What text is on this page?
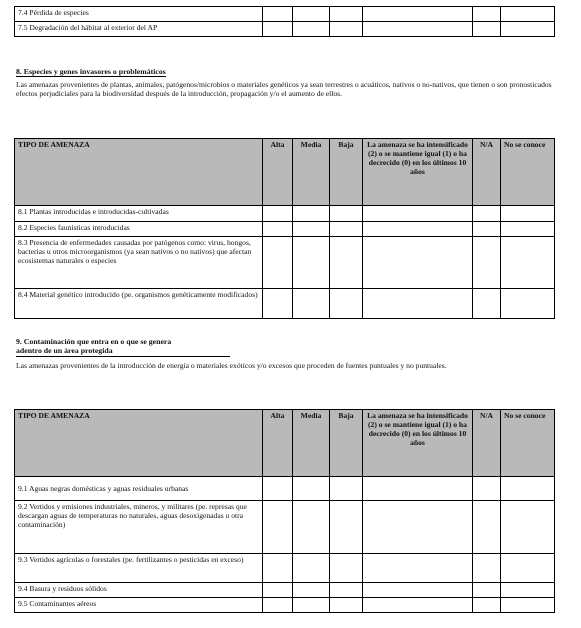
7.4 Pérdida de especies						
7.5 Degradación del hábitat al exterior del AP						
8. Especies y genes invasores o problemáticos
Las amenazas provenientes de plantas, animales, patógenos/microbios o materiales genéticos ya sean terrestres o acuáticos, nativos o no-nativos, que tienen o son pronosticados efectos perjudiciales para la biodiversidad después de la introducción, propagación y/o el aumento de ellos.
TIPO DE AMENAZA	Alta	Media	Baja	La amenaza se ha intensificado (2) o se mantiene igual (1) o ha decrecido (0) en los últimos 10 años	N/A	No se conoce
8.1 Plantas introducidas e introducidas-cultivadas						
8.2 Especies faunísticas introducidas						
8.3 Presencia de enfermedades causadas por patógenos como: virus, hongos, bacterias u otros microorganismos (ya sean nativos o no nativos) que afectan ecosistemas naturales o especies						
8.4 Material genético introducido (pe. organismos genéticamente modificados)						
9. Contaminación que entra en o que se genera
adentro de un área protegida
Las amenazas provenientes de la introducción de energía o materiales exóticos y/o excesos que proceden de fuentes puntuales y no puntuales.
TIPO DE AMENAZA	Alta	Media	Baja	La amenaza se ha intensificado (2) o se mantiene igual (1) o ha decrecido (0) en los últimos 10 años	N/A	No se conoce
9.1 Aguas negras domésticas y aguas residuales urbanas						
9.2 Vertidos y emisiones industriales, mineros, y militares (pe. represas que descargan aguas de temperaturas no naturales, aguas desoxigenadas u otra contaminación)						
9.3 Vertidos agrícolas o forestales (pe. fertilizantes o pesticidas en exceso)						
9.4 Basura y residuos sólidos						
9.5 Contaminantes aéreos						
